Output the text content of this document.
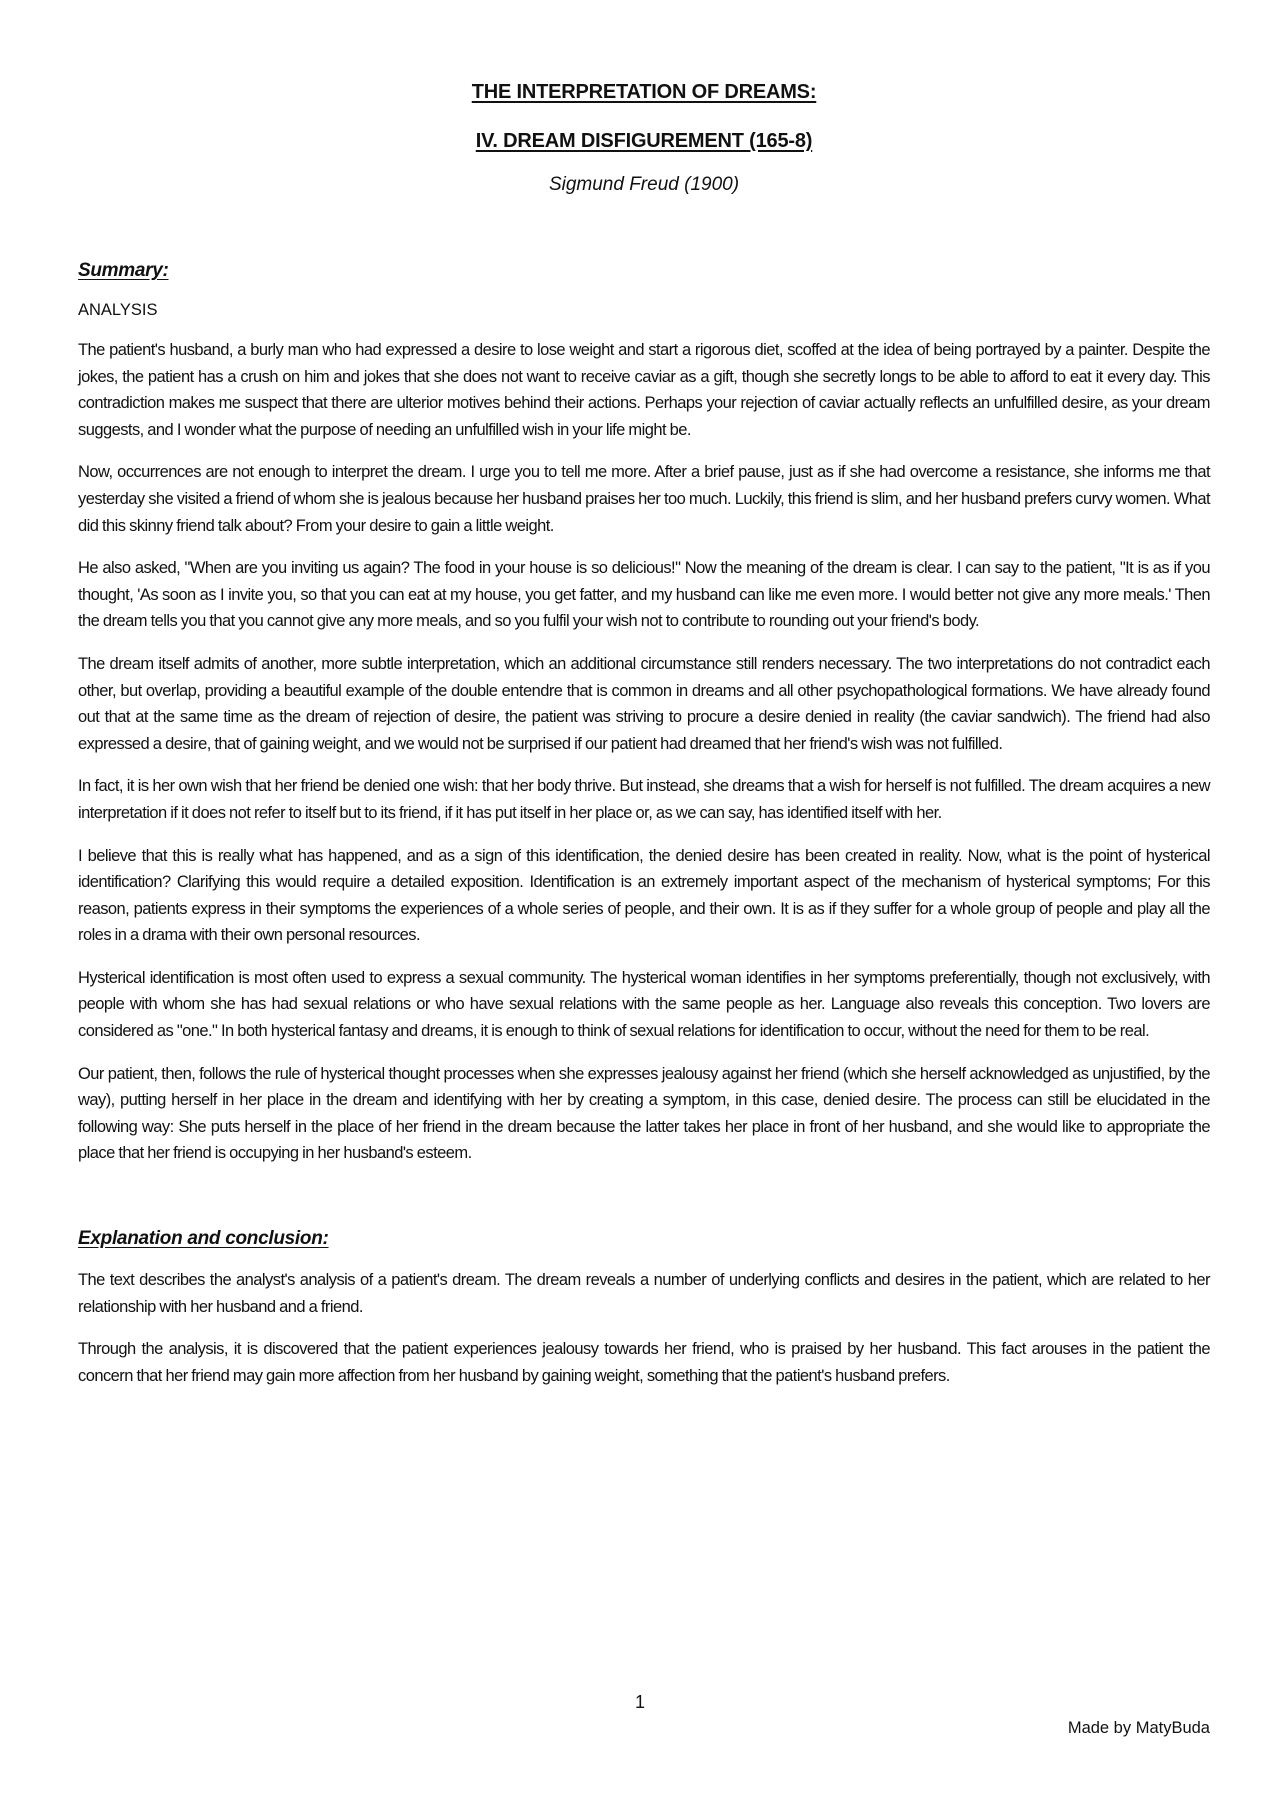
THE INTERPRETATION OF DREAMS:
IV. DREAM DISFIGUREMENT (165-8)

Sigmund Freud (1900)

Summary:
ANALYSIS

The patient's husband, a burly man who had expressed a desire to lose weight and start a rigorous diet, scoffed at the idea of being portrayed by a painter. Despite the jokes, the patient has a crush on him and jokes that she does not want to receive caviar as a gift, though she secretly longs to be able to afford to eat it every day. This contradiction makes me suspect that there are ulterior motives behind their actions. Perhaps your rejection of caviar actually reflects an unfulfilled desire, as your dream suggests, and I wonder what the purpose of needing an unfulfilled wish in your life might be.

Now, occurrences are not enough to interpret the dream. I urge you to tell me more. After a brief pause, just as if she had overcome a resistance, she informs me that yesterday she visited a friend of whom she is jealous because her husband praises her too much. Luckily, this friend is slim, and her husband prefers curvy women. What did this skinny friend talk about? From your desire to gain a little weight.

He also asked, "When are you inviting us again? The food in your house is so delicious!" Now the meaning of the dream is clear. I can say to the patient, "It is as if you thought, 'As soon as I invite you, so that you can eat at my house, you get fatter, and my husband can like me even more. I would better not give any more meals.' Then the dream tells you that you cannot give any more meals, and so you fulfil your wish not to contribute to rounding out your friend's body.

The dream itself admits of another, more subtle interpretation, which an additional circumstance still renders necessary. The two interpretations do not contradict each other, but overlap, providing a beautiful example of the double entendre that is common in dreams and all other psychopathological formations. We have already found out that at the same time as the dream of rejection of desire, the patient was striving to procure a desire denied in reality (the caviar sandwich). The friend had also expressed a desire, that of gaining weight, and we would not be surprised if our patient had dreamed that her friend's wish was not fulfilled.

In fact, it is her own wish that her friend be denied one wish: that her body thrive. But instead, she dreams that a wish for herself is not fulfilled. The dream acquires a new interpretation if it does not refer to itself but to its friend, if it has put itself in her place or, as we can say, has identified itself with her.

I believe that this is really what has happened, and as a sign of this identification, the denied desire has been created in reality. Now, what is the point of hysterical identification? Clarifying this would require a detailed exposition. Identification is an extremely important aspect of the mechanism of hysterical symptoms; For this reason, patients express in their symptoms the experiences of a whole series of people, and their own. It is as if they suffer for a whole group of people and play all the roles in a drama with their own personal resources.

Hysterical identification is most often used to express a sexual community. The hysterical woman identifies in her symptoms preferentially, though not exclusively, with people with whom she has had sexual relations or who have sexual relations with the same people as her. Language also reveals this conception. Two lovers are considered as "one." In both hysterical fantasy and dreams, it is enough to think of sexual relations for identification to occur, without the need for them to be real.

Our patient, then, follows the rule of hysterical thought processes when she expresses jealousy against her friend (which she herself acknowledged as unjustified, by the way), putting herself in her place in the dream and identifying with her by creating a symptom, in this case, denied desire. The process can still be elucidated in the following way: She puts herself in the place of her friend in the dream because the latter takes her place in front of her husband, and she would like to appropriate the place that her friend is occupying in her husband's esteem.

Explanation and conclusion:

The text describes the analyst's analysis of a patient's dream. The dream reveals a number of underlying conflicts and desires in the patient, which are related to her relationship with her husband and a friend.

Through the analysis, it is discovered that the patient experiences jealousy towards her friend, who is praised by her husband. This fact arouses in the patient the concern that her friend may gain more affection from her husband by gaining weight, something that the patient's husband prefers.

1
Made by MatyBuda
